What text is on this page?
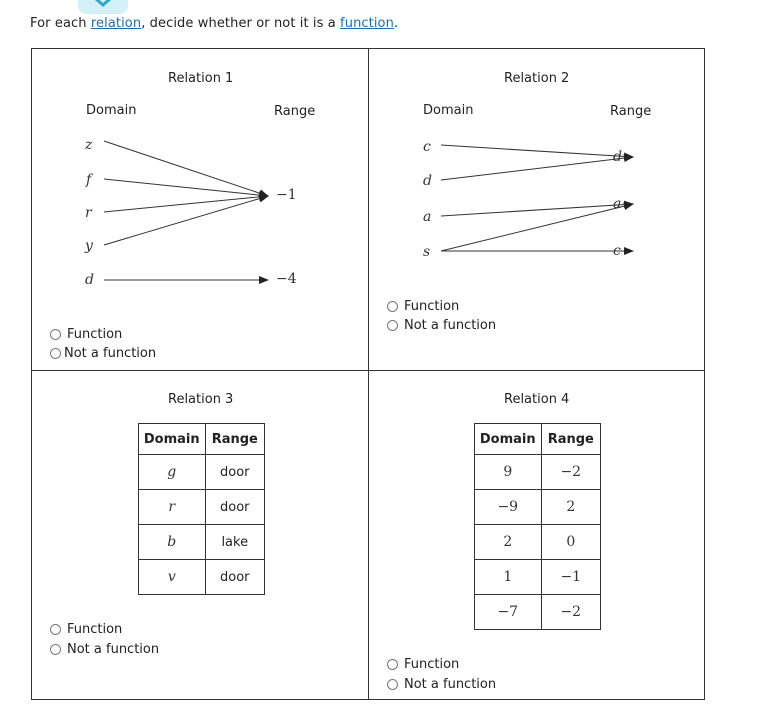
For each relation, decide whether or not it is a function.
Relation 1
Domain	Range
z
f
r
y
d
−1
−4
Function
Not a function
Relation 2
Domain	Range
c
d
a
s
d
a
c
Function
Not a function
Relation 3
Domain	Range
g	door
r	door
b	lake
v	door
Function
Not a function
Relation 4
Domain	Range
9	−2
−9	2
2	0
1	−1
−7	−2
Function
Not a function
